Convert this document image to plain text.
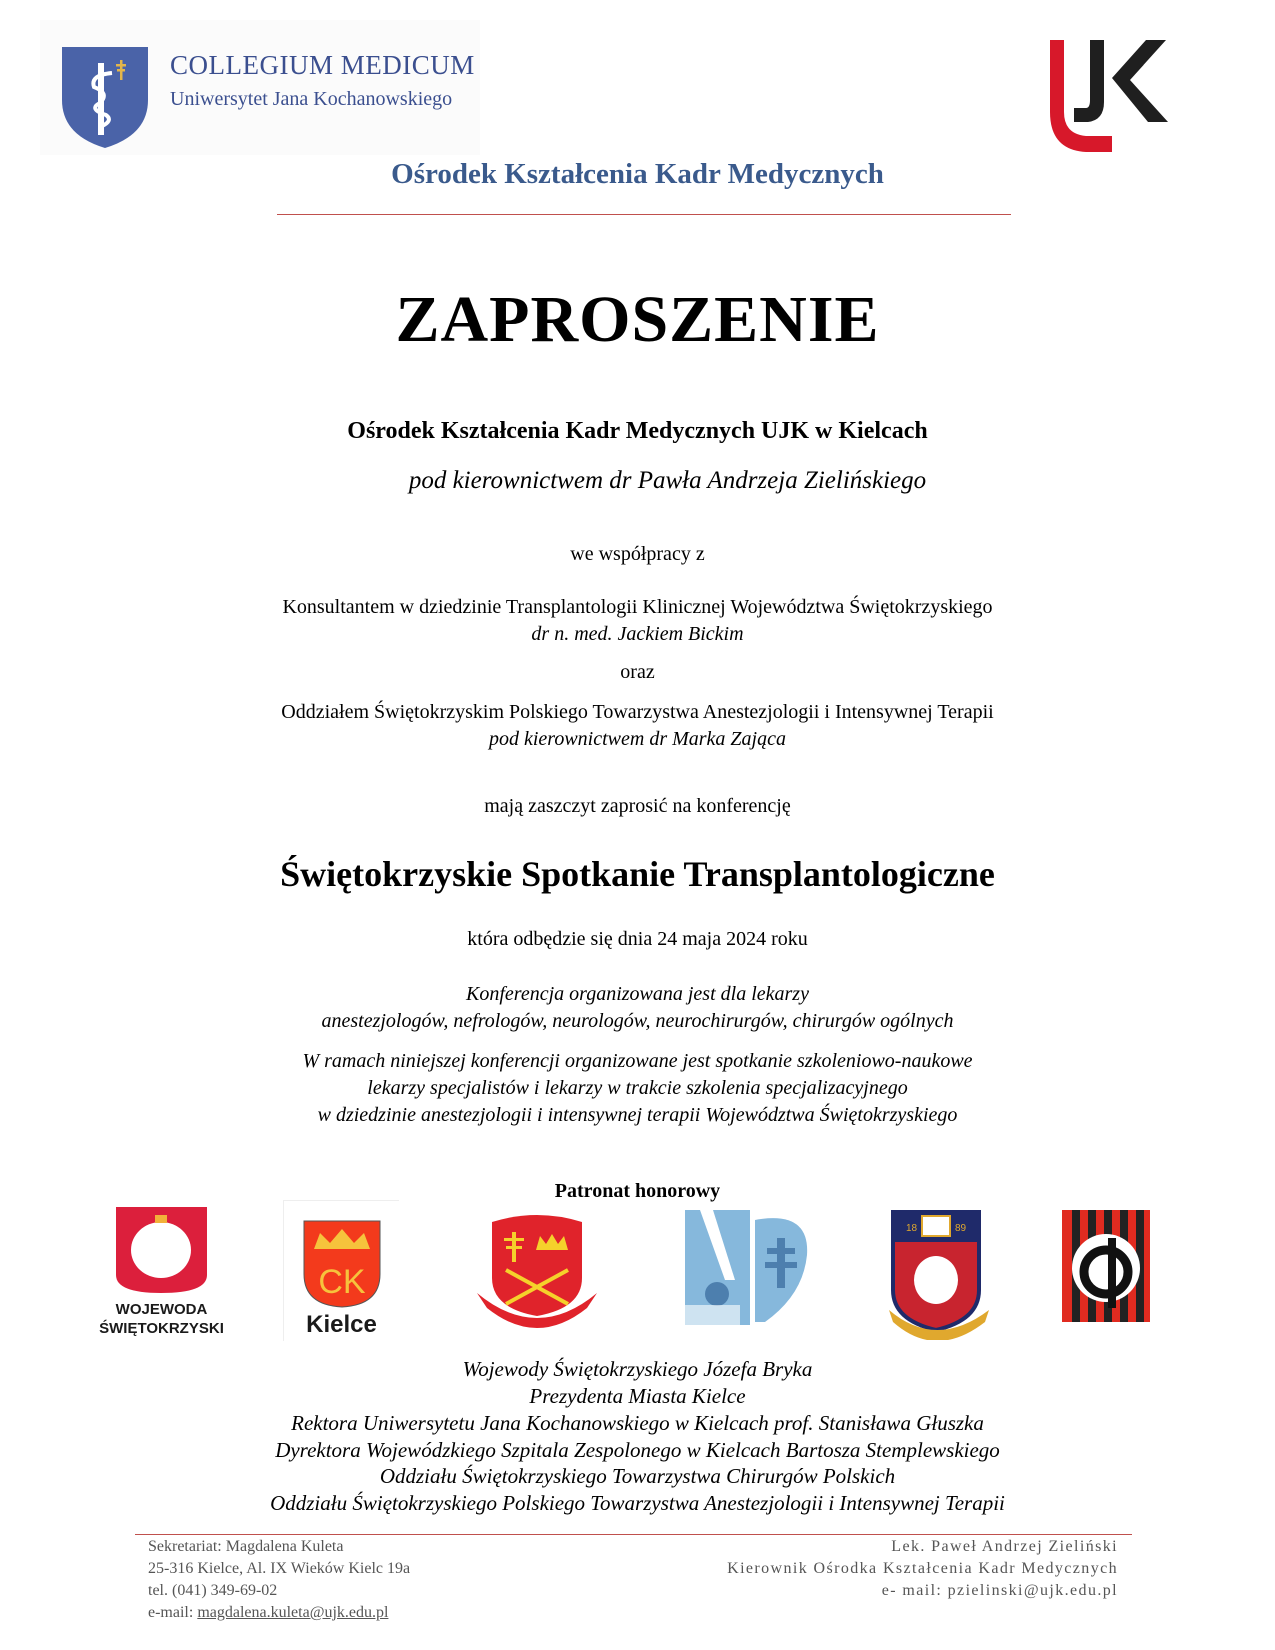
COLLEGIUM MEDICUM
Uniwersytet Jana Kochanowskiego
Ośrodek Kształcenia Kadr Medycznych
ZAPROSZENIE
Ośrodek Kształcenia Kadr Medycznych UJK w Kielcach
pod kierownictwem dr Pawła Andrzeja Zielińskiego
we współpracy z
Konsultantem w dziedzinie Transplantologii Klinicznej Województwa Świętokrzyskiego
dr n. med. Jackiem Bickim
oraz
Oddziałem Świętokrzyskim Polskiego Towarzystwa Anestezjologii i Intensywnej Terapii
pod kierownictwem dr Marka Zająca
mają zaszczyt zaprosić na konferencję
Świętokrzyskie Spotkanie Transplantologiczne
która odbędzie się dnia 24 maja 2024 roku
Konferencja organizowana jest dla lekarzy
anestezjologów, nefrologów, neurologów, neurochirurgów, chirurgów ogólnych
W ramach niniejszej konferencji organizowane jest spotkanie szkoleniowo-naukowe
lekarzy specjalistów i lekarzy w trakcie szkolenia specjalizacyjnego
w dziedzinie anestezjologii i intensywnej terapii Województwa Świętokrzyskiego
Patronat honorowy
WOJEWODA
ŚWIĘTOKRZYSKI
CK
Kielce
18	89
Wojewody Świętokrzyskiego Józefa Bryka
Prezydenta Miasta Kielce
Rektora Uniwersytetu Jana Kochanowskiego w Kielcach prof. Stanisława Głuszka
Dyrektora Wojewódzkiego Szpitala Zespolonego w Kielcach Bartosza Stemplewskiego
Oddziału Świętokrzyskiego Towarzystwa Chirurgów Polskich
Oddziału Świętokrzyskiego Polskiego Towarzystwa Anestezjologii i Intensywnej Terapii
Sekretariat: Magdalena Kuleta
25-316 Kielce, Al. IX Wieków Kielc 19a
tel. (041) 349-69-02
e-mail: magdalena.kuleta@ujk.edu.pl
Lek. Paweł Andrzej Zieliński
Kierownik Ośrodka Kształcenia Kadr Medycznych
e- mail: pzielinski@ujk.edu.pl
